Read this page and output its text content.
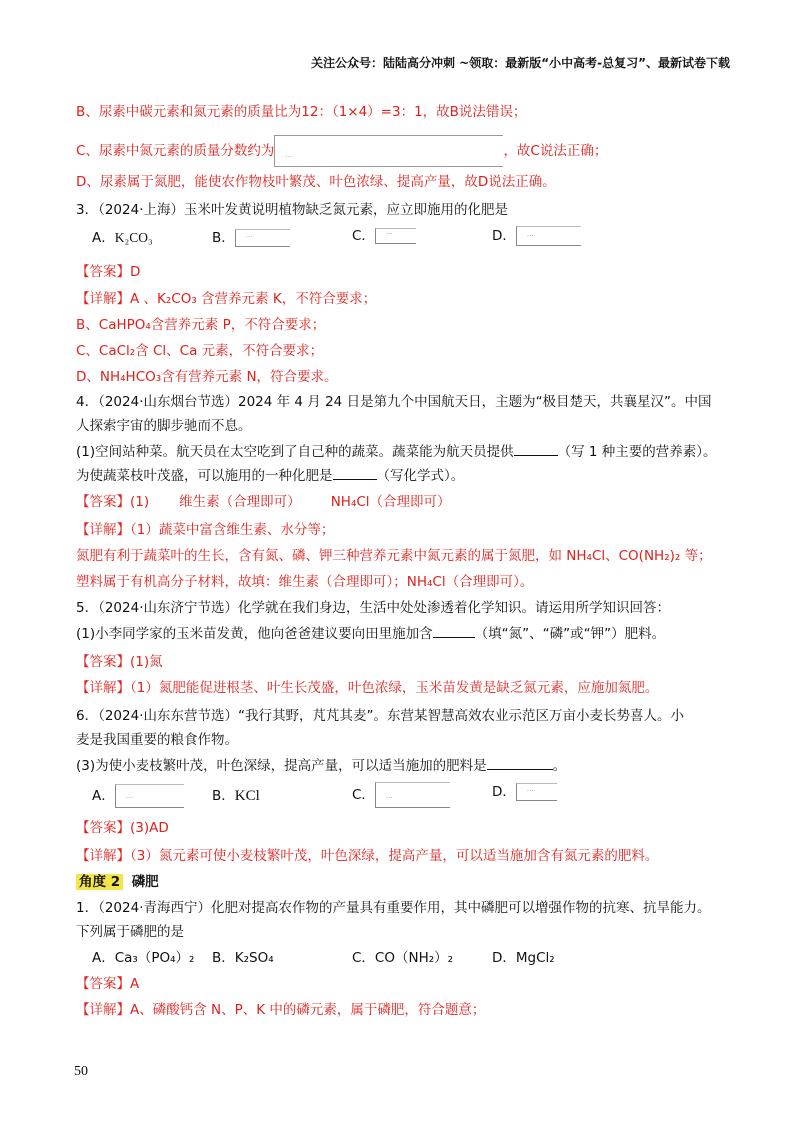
关注公众号：陆陆高分冲刺 ~领取：最新版“小中高考-总复习”、最新试卷下载
B、尿素中碳元素和氮元素的质量比为12：（1×4）=3：1，故B说法错误；
C、尿素中氮元素的质量分数约为 ...	，故C说法正确；
D、尿素属于氮肥，能使农作物枝叶繁茂、叶色浓绿、提高产量，故D说法正确。
3．（2024·上海）玉米叶发黄说明植物缺乏氮元素，应立即施用的化肥是
A．K₂CO₃	B． ...	C． ...	D． ...
【答案】D
【详解】A 、K₂CO₃ 含营养元素 K，不符合要求；
B、CaHPO₄含营养元素 P，不符合要求；
C、CaCl₂含 Cl、Ca 元素，不符合要求；
D、NH₄HCO₃含有营养元素 N，符合要求。
4．（2024·山东烟台节选）2024 年 4 月 24 日是第九个中国航天日，主题为“极目楚天，共襄星汉”。中国
人探索宇宙的脚步驰而不息。
(1)空间站种菜。航天员在太空吃到了自己种的蔬菜。蔬菜能为航天员提供	（写 1 种主要的营养素）。
为使蔬菜枝叶茂盛，可以施用的一种化肥是	（写化学式）。
【答案】(1)       维生素（合理即可）       NH₄Cl（合理即可）
【详解】（1）蔬菜中富含维生素、水分等；
氮肥有利于蔬菜叶的生长，含有氮、磷、钾三种营养元素中氮元素的属于氮肥，如 NH₄Cl、CO(NH₂)₂ 等；
塑料属于有机高分子材料，故填：维生素（合理即可）；NH₄Cl（合理即可）。
5．（2024·山东济宁节选）化学就在我们身边，生活中处处渗透着化学知识。请运用所学知识回答：
(1)小李同学家的玉米苗发黄，他向爸爸建议要向田里施加含	（填“氮”、“磷”或“钾”）肥料。
【答案】(1)氮
【详解】（1）氮肥能促进根茎、叶生长茂盛，叶色浓绿，玉米苗发黄是缺乏氮元素，应施加氮肥。
6．（2024·山东东营节选）“我行其野，芃芃其麦”。东营某智慧高效农业示范区万亩小麦长势喜人。小
麦是我国重要的粮食作物。
(3)为使小麦枝繁叶茂，叶色深绿，提高产量，可以适当施加的肥料是	。
A． ...	B．KCl	C． ...	D． ...
【答案】(3)AD
【详解】（3）氮元素可使小麦枝繁叶茂，叶色深绿，提高产量，可以适当施加含有氮元素的肥料。
角度 2 磷肥
1．（2024·青海西宁）化肥对提高农作物的产量具有重要作用，其中磷肥可以增强作物的抗寒、抗旱能力。
下列属于磷肥的是
A．Ca₃（PO₄）₂ B．K₂SO₄	C．CO（NH₂）₂	D．MgCl₂
【答案】A
【详解】A、磷酸钙含 N、P、K 中的磷元素，属于磷肥，符合题意；
50
